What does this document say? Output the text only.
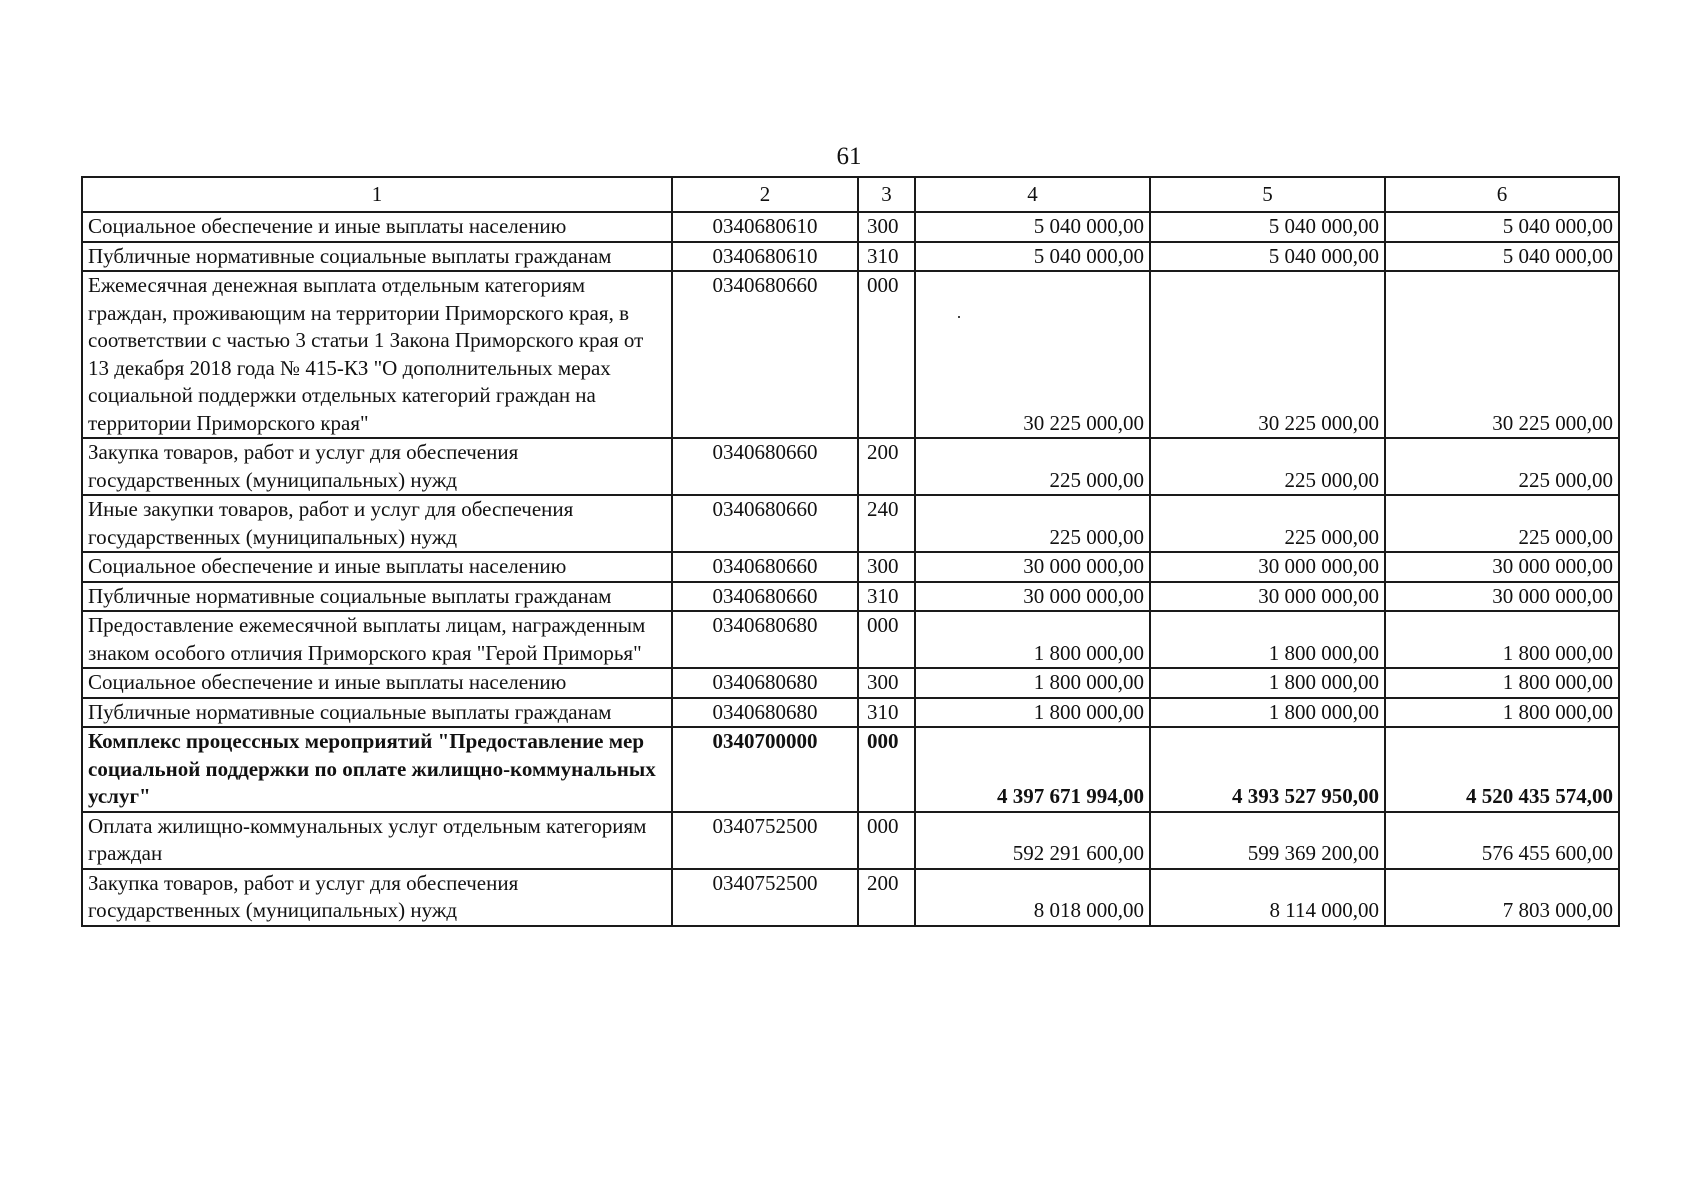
61
1	2	3	4	5	6
Социальное обеспечение и иные выплаты населению	0340680610	300	5 040 000,00	5 040 000,00	5 040 000,00
Публичные нормативные социальные выплаты гражданам	0340680610	310	5 040 000,00	5 040 000,00	5 040 000,00
Ежемесячная денежная выплата отдельным категориям граждан, проживающим на территории Приморского края, в соответствии с частью 3 статьи 1 Закона Приморского края от 13 декабря 2018 года № 415-КЗ "О дополнительных мерах социальной поддержки отдельных категорий граждан на территории Приморского края"	0340680660	000	30 225 000,00	30 225 000,00	30 225 000,00
Закупка товаров, работ и услуг для обеспечения государственных (муниципальных) нужд	0340680660	200	225 000,00	225 000,00	225 000,00
Иные закупки товаров, работ и услуг для обеспечения государственных (муниципальных) нужд	0340680660	240	225 000,00	225 000,00	225 000,00
Социальное обеспечение и иные выплаты населению	0340680660	300	30 000 000,00	30 000 000,00	30 000 000,00
Публичные нормативные социальные выплаты гражданам	0340680660	310	30 000 000,00	30 000 000,00	30 000 000,00
Предоставление ежемесячной выплаты лицам, награжденным знаком особого отличия Приморского края "Герой Приморья"	0340680680	000	1 800 000,00	1 800 000,00	1 800 000,00
Социальное обеспечение и иные выплаты населению	0340680680	300	1 800 000,00	1 800 000,00	1 800 000,00
Публичные нормативные социальные выплаты гражданам	0340680680	310	1 800 000,00	1 800 000,00	1 800 000,00
Комплекс процессных мероприятий "Предоставление мер социальной поддержки по оплате жилищно-коммунальных услуг"	0340700000	000	4 397 671 994,00	4 393 527 950,00	4 520 435 574,00
Оплата жилищно-коммунальных услуг отдельным категориям граждан	0340752500	000	592 291 600,00	599 369 200,00	576 455 600,00
Закупка товаров, работ и услуг для обеспечения государственных (муниципальных) нужд	0340752500	200	8 018 000,00	8 114 000,00	7 803 000,00
